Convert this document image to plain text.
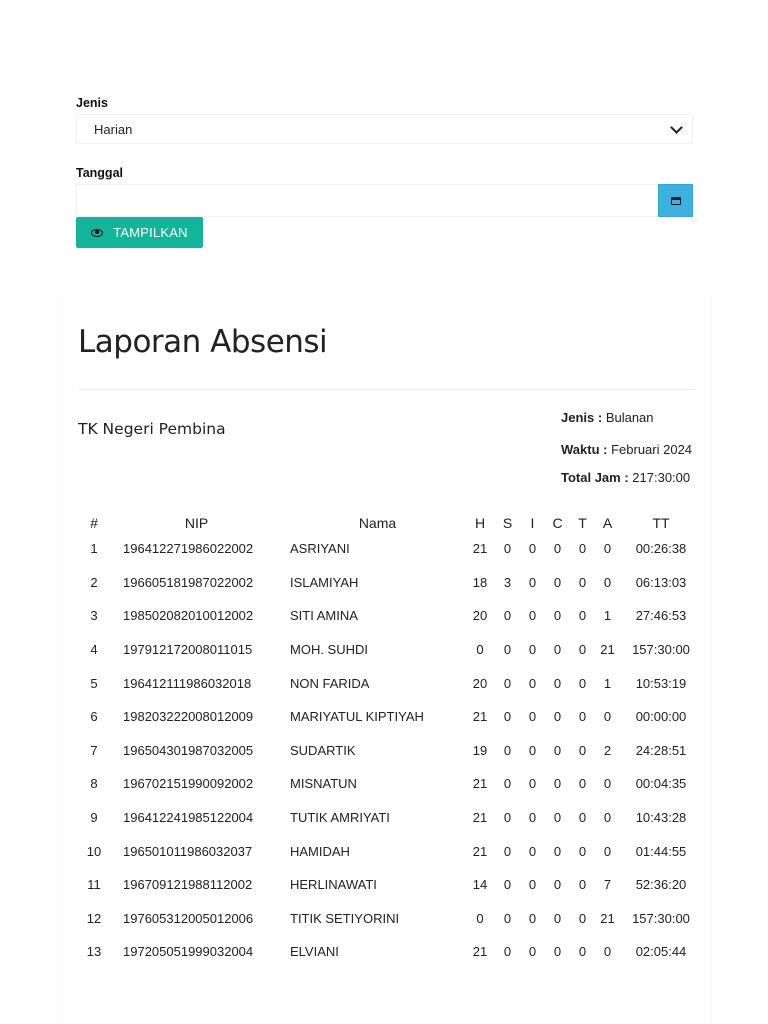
Jenis
Harian
Tanggal
TAMPILKAN
Laporan Absensi
TK Negeri Pembina
Jenis : Bulanan
Waktu : Februari 2024
Total Jam : 217:30:00
#	NIP	Nama	H	S	I	C	T	A	TT
1	196412271986022002	ASRIYANI	21	0	0	0	0	0	00:26:38
2	196605181987022002	ISLAMIYAH	18	3	0	0	0	0	06:13:03
3	198502082010012002	SITI AMINA	20	0	0	0	0	1	27:46:53
4	197912172008011015	MOH. SUHDI	0	0	0	0	0	21	157:30:00
5	196412111986032018	NON FARIDA	20	0	0	0	0	1	10:53:19
6	198203222008012009	MARIYATUL KIPTIYAH	21	0	0	0	0	0	00:00:00
7	196504301987032005	SUDARTIK	19	0	0	0	0	2	24:28:51
8	196702151990092002	MISNATUN	21	0	0	0	0	0	00:04:35
9	196412241985122004	TUTIK AMRIYATI	21	0	0	0	0	0	10:43:28
10	196501011986032037	HAMIDAH	21	0	0	0	0	0	01:44:55
11	196709121988112002	HERLINAWATI	14	0	0	0	0	7	52:36:20
12	197605312005012006	TITIK SETIYORINI	0	0	0	0	0	21	157:30:00
13	197205051999032004	ELVIANI	21	0	0	0	0	0	02:05:44
